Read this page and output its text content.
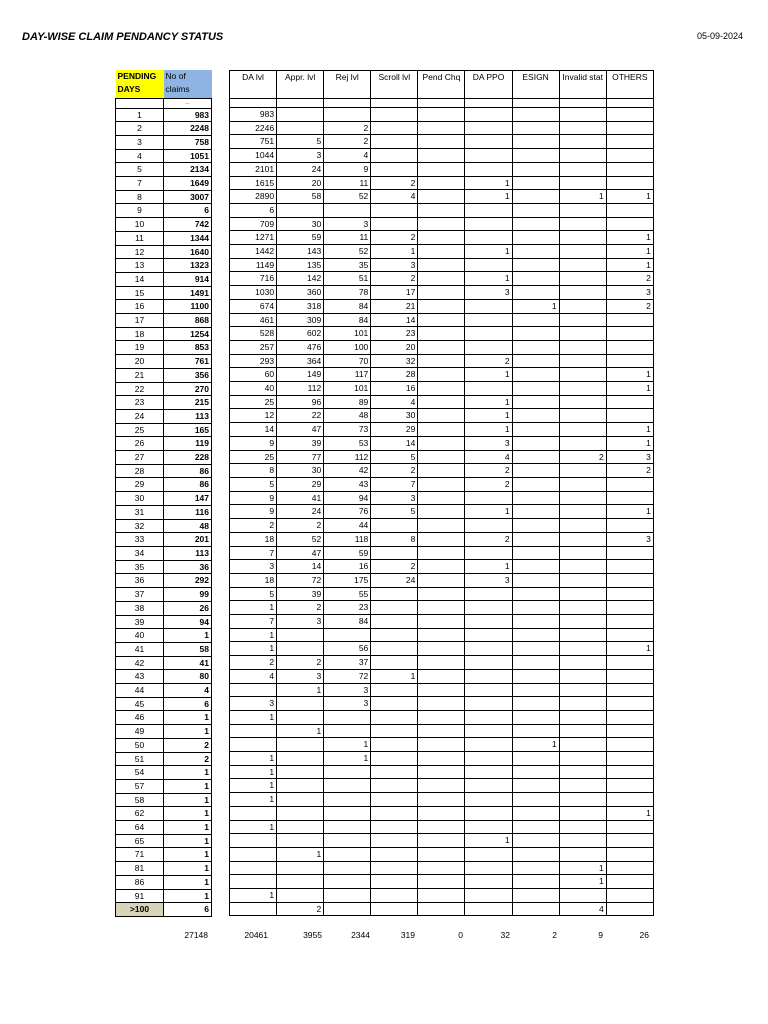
DAY-WISE CLAIM PENDANCY STATUS	05-09-2024
PENDING DAYS	No of claims
	...
1	983
2	2248
3	758
4	1051
5	2134
7	1649
8	3007
9	6
10	742
11	1344
12	1640
13	1323
14	914
15	1491
16	1100
17	868
18	1254
19	853
20	761
21	356
22	270
23	215
24	113
25	165
26	119
27	228
28	86
29	86
30	147
31	116
32	48
33	201
34	113
35	36
36	292
37	99
38	26
39	94
40	1
41	58
42	41
43	80
44	4
45	6
46	1
49	1
50	2
51	2
54	1
57	1
58	1
62	1
64	1
65	1
71	1
81	1
86	1
91	1
>100	6
DA lvl	Appr. lvl	Rej lvl	Scroll lvl	Pend Chq	DA PPO	ESIGN	Invalid stat	OTHERS

983								
2246		2						
751	5	2						
1044	3	4						
2101	24	9						
1615	20	11	2		1			
2890	58	52	4		1		1	1
6								
709	30	3						
1271	59	11	2					1
1442	143	52	1		1			1
1149	135	35	3					1
716	142	51	2		1			2
1030	360	78	17		3			3
674	318	84	21			1		2
461	309	84	14					
528	602	101	23					
257	476	100	20					
293	364	70	32		2			
60	149	117	28		1			1
40	112	101	16					1
25	96	89	4		1			
12	22	48	30		1			
14	47	73	29		1			1
9	39	53	14		3			1
25	77	112	5		4		2	3
8	30	42	2		2			2
5	29	43	7		2			
9	41	94	3					
9	24	76	5		1			1
2	2	44						
18	52	118	8		2			3
7	47	59						
3	14	16	2		1			
18	72	175	24		3			
5	39	55						
1	2	23						
7	3	84						
1								
1		56						1
2	2	37						
4	3	72	1					
	1	3						
3		3						
1								
	1							
		1				1		
1		1						
1								
1								
1								
								1
1								
					1			
	1							
							1	
							1	
1								
	2						4	
27148	20461	3955	2344	319	0	32	2	9	26
